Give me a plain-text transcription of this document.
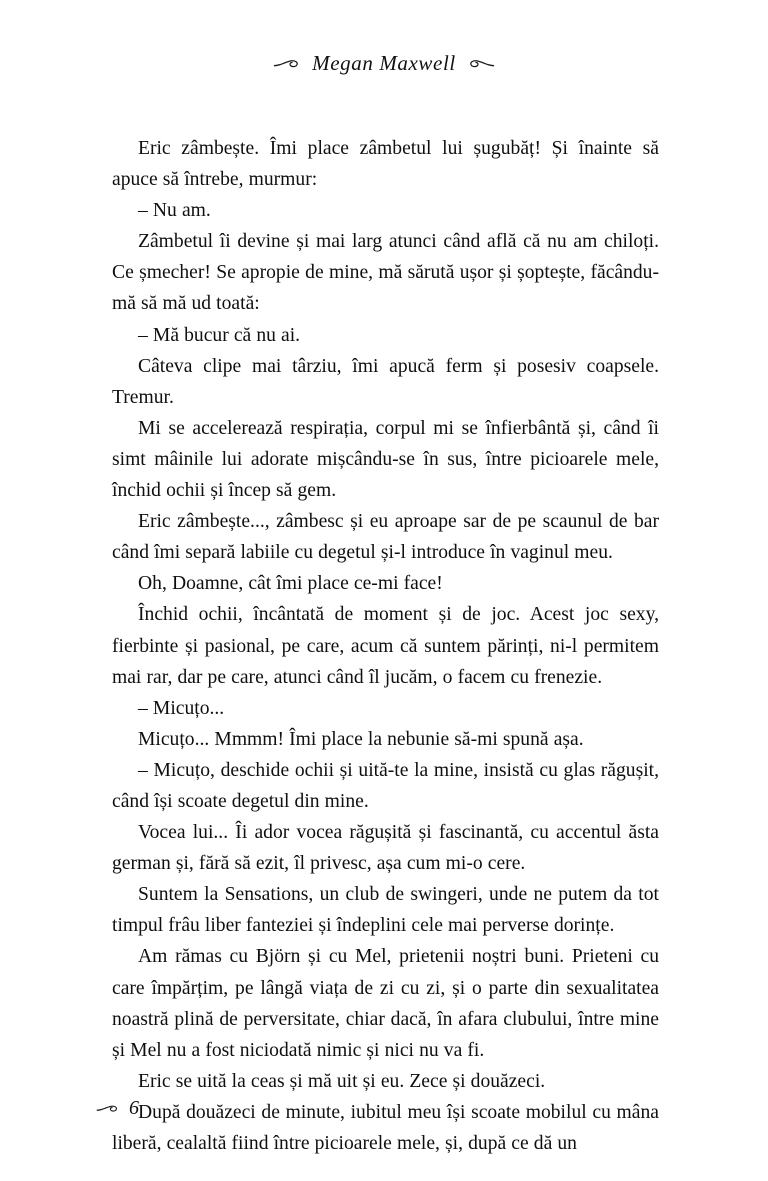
Megan Maxwell

Eric zâmbește. Îmi place zâmbetul lui șugubăț! Și înainte să apuce să întrebe, murmur:

– Nu am.

Zâmbetul îi devine și mai larg atunci când află că nu am chiloți. Ce șmecher! Se apropie de mine, mă sărută ușor și șoptește, făcându-mă să mă ud toată:

– Mă bucur că nu ai.

Câteva clipe mai târziu, îmi apucă ferm și posesiv coapsele. Tremur.

Mi se accelerează respirația, corpul mi se înfierbântă și, când îi simt mâinile lui adorate mișcându-se în sus, între picioarele mele, închid ochii și încep să gem.

Eric zâmbește..., zâmbesc și eu aproape sar de pe scaunul de bar când îmi separă labiile cu degetul și-l introduce în vaginul meu.

Oh, Doamne, cât îmi place ce-mi face!

Închid ochii, încântată de moment și de joc. Acest joc sexy, fierbinte și pasional, pe care, acum că suntem părinți, ni-l permitem mai rar, dar pe care, atunci când îl jucăm, o facem cu frenezie.

– Micuțo...

Micuțo... Mmmm! Îmi place la nebunie să-mi spună așa.

– Micuțo, deschide ochii și uită-te la mine, insistă cu glas răgușit, când își scoate degetul din mine.

Vocea lui... Îi ador vocea răgușită și fascinantă, cu accentul ăsta german și, fără să ezit, îl privesc, așa cum mi-o cere.

Suntem la Sensations, un club de swingeri, unde ne putem da tot timpul frâu liber fanteziei și îndeplini cele mai perverse dorințe.

Am rămas cu Björn și cu Mel, prietenii noștri buni. Prieteni cu care împărțim, pe lângă viața de zi cu zi, și o parte din sexualitatea noastră plină de perversitate, chiar dacă, în afara clubului, între mine și Mel nu a fost niciodată nimic și nici nu va fi.

Eric se uită la ceas și mă uit și eu. Zece și douăzeci.

După douăzeci de minute, iubitul meu își scoate mobilul cu mâna liberă, cealaltă fiind între picioarele mele, și, după ce dă un

6
